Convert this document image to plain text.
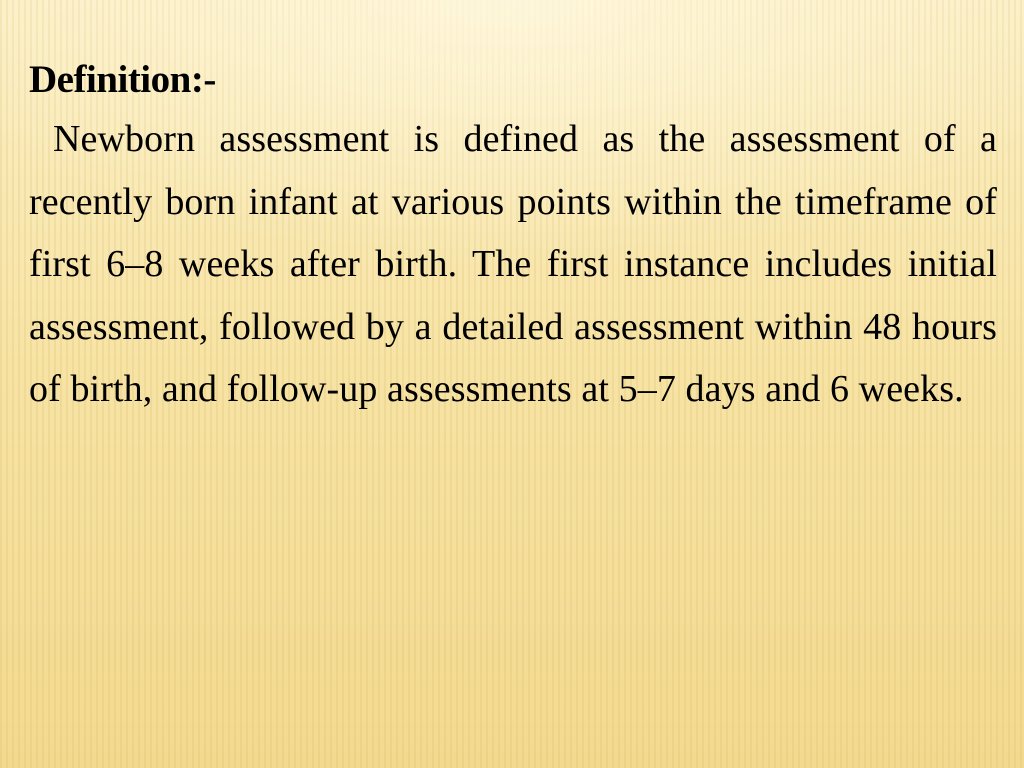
Definition:-

Newborn assessment is defined as the assessment of a recently born infant at various points within the timeframe of first 6–8 weeks after birth. The first instance includes initial assessment, followed by a detailed assessment within 48 hours of birth, and follow-up assessments at 5–7 days and 6 weeks.
